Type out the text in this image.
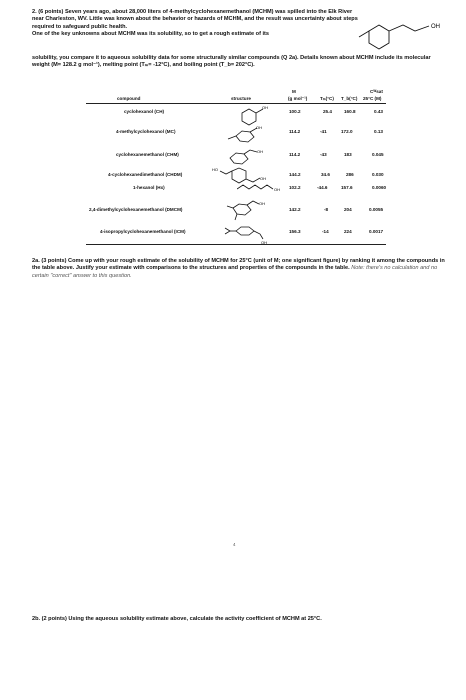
2. (6 points) Seven years ago, about 28,000 liters of 4-methylcyclohexanemethanol (MCHM) was spilled into the Elk River near Charleston, WV. Little was known about the behavior or hazards of MCHM, and the result was uncertainty about steps required to safeguard public health.

One of the key unknowns about MCHM was its solubility, so to get a rough estimate of its

OH
solubility, you compare it to aqueous solubility data for some structurally similar compounds (Q 2a). Details known about MCHM include its molecular weight (M= 128.2 g mol⁻¹), melting point (Tₘ= -12°C), and boiling point (T_b= 202°C).
compound	structure
M
(g mol⁻¹)	Tₘ(°C) T_b(°C)
Cᵂsat
25°C (M)
cyclohexanol (CH)
OH
100.2	25.4	160.8	0.43
4-methylcyclohexanol (MC)
OH
114.2	-41	172.0	0.13
cyclohexanemethanol (CHM)
OH
114.2	-43	183	0.045
4-cyclohexanedimethanol (CHDM)
HO
OH
144.2	34.6	286	0.030
1-hexanol (Hx)	OH 102.2	-44.6	157.6	0.0060
2,4-dimethylcyclohexanemethanol (DMCM)
OH
142.2	-8	204	0.0055
4-isopropylcyclohexanemethanol (ICM)
OH
156.3	-14	224	0.0017
2a. (3 points) Come up with your rough estimate of the solubility of MCHM for 25°C (unit of M; one significant figure) by ranking it among the compounds in the table above. Justify your estimate with comparisons to the structures and properties of the compounds in the table. Note: there's no calculation and no certain "correct" answer to this question.
4
2b. (2 points) Using the aqueous solubility estimate above, calculate the activity coefficient of MCHM at 25°C.
